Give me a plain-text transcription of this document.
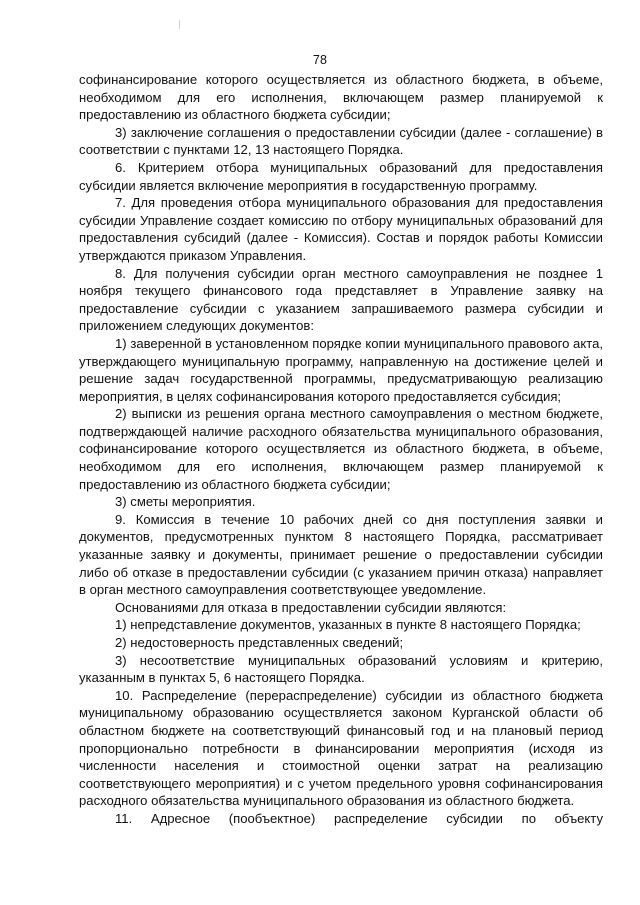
78

софинансирование которого осуществляется из областного бюджета, в объеме, необходимом для его исполнения, включающем размер планируемой к предоставлению из областного бюджета субсидии;

3) заключение соглашения о предоставлении субсидии (далее - соглашение) в соответствии с пунктами 12, 13 настоящего Порядка.

6. Критерием отбора муниципальных образований для предоставления субсидии является включение мероприятия в государственную программу.

7. Для проведения отбора муниципального образования для предоставления субсидии Управление создает комиссию по отбору муниципальных образований для предоставления субсидий (далее - Комиссия). Состав и порядок работы Комиссии утверждаются приказом Управления.

8. Для получения субсидии орган местного самоуправления не позднее 1 ноября текущего финансового года представляет в Управление заявку на предоставление субсидии с указанием запрашиваемого размера субсидии и приложением следующих документов:

1) заверенной в установленном порядке копии муниципального правового акта, утверждающего муниципальную программу, направленную на достижение целей и решение задач государственной программы, предусматривающую реализацию мероприятия, в целях софинансирования которого предоставляется субсидия;

2) выписки из решения органа местного самоуправления о местном бюджете, подтверждающей наличие расходного обязательства муниципального образования, софинансирование которого осуществляется из областного бюджета, в объеме, необходимом для его исполнения, включающем размер планируемой к предоставлению из областного бюджета субсидии;

3) сметы мероприятия.

9. Комиссия в течение 10 рабочих дней со дня поступления заявки и документов, предусмотренных пунктом 8 настоящего Порядка, рассматривает указанные заявку и документы, принимает решение о предоставлении субсидии либо об отказе в предоставлении субсидии (с указанием причин отказа) направляет в орган местного самоуправления соответствующее уведомление.

Основаниями для отказа в предоставлении субсидии являются:

1) непредставление документов, указанных в пункте 8 настоящего Порядка;

2) недостоверность представленных сведений;

3) несоответствие муниципальных образований условиям и критерию, указанным в пунктах 5, 6 настоящего Порядка.

10. Распределение (перераспределение) субсидии из областного бюджета муниципальному образованию осуществляется законом Курганской области об областном бюджете на соответствующий финансовый год и на плановый период пропорционально потребности в финансировании мероприятия (исходя из численности населения и стоимостной оценки затрат на реализацию соответствующего мероприятия) и с учетом предельного уровня софинансирования расходного обязательства муниципального образования из областного бюджета.

11. Адресное (пообъектное) распределение субсидии по объекту
